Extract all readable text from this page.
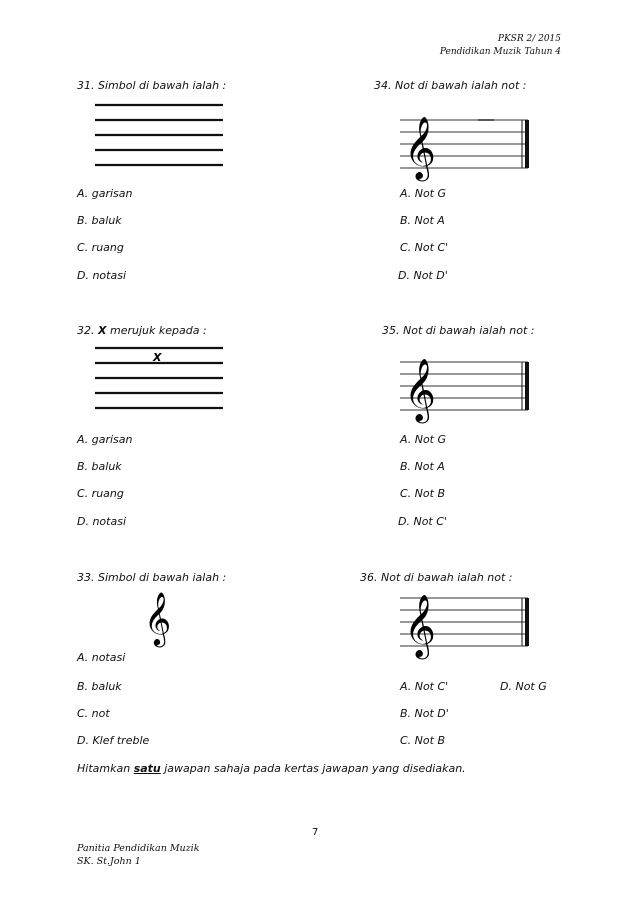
PKSR 2/ 2015
Pendidikan Muzik Tahun 4
31. Simbol di bawah ialah :
A. garisan
B. baluk
C. ruang
D. notasi
34. Not di bawah ialah not :
𝄞
A. Not G
B. Not A
C. Not C'
D. Not D'
32. X merujuk kepada :
X
A. garisan
B. baluk
C. ruang
D. notasi
35. Not di bawah ialah not :
𝄞
A. Not G
B. Not A
C. Not B
D. Not C'
33. Simbol di bawah ialah :
𝄞
A. notasi
B. baluk
C. not
D. Klef treble
36. Not di bawah ialah not :
𝄞
A. Not C'
B. Not D'
C. Not B
D. Not G
Hitamkan satu jawapan sahaja pada kertas jawapan yang disediakan.
7
Panitia Pendidikan Muzik
SK. St.John 1
